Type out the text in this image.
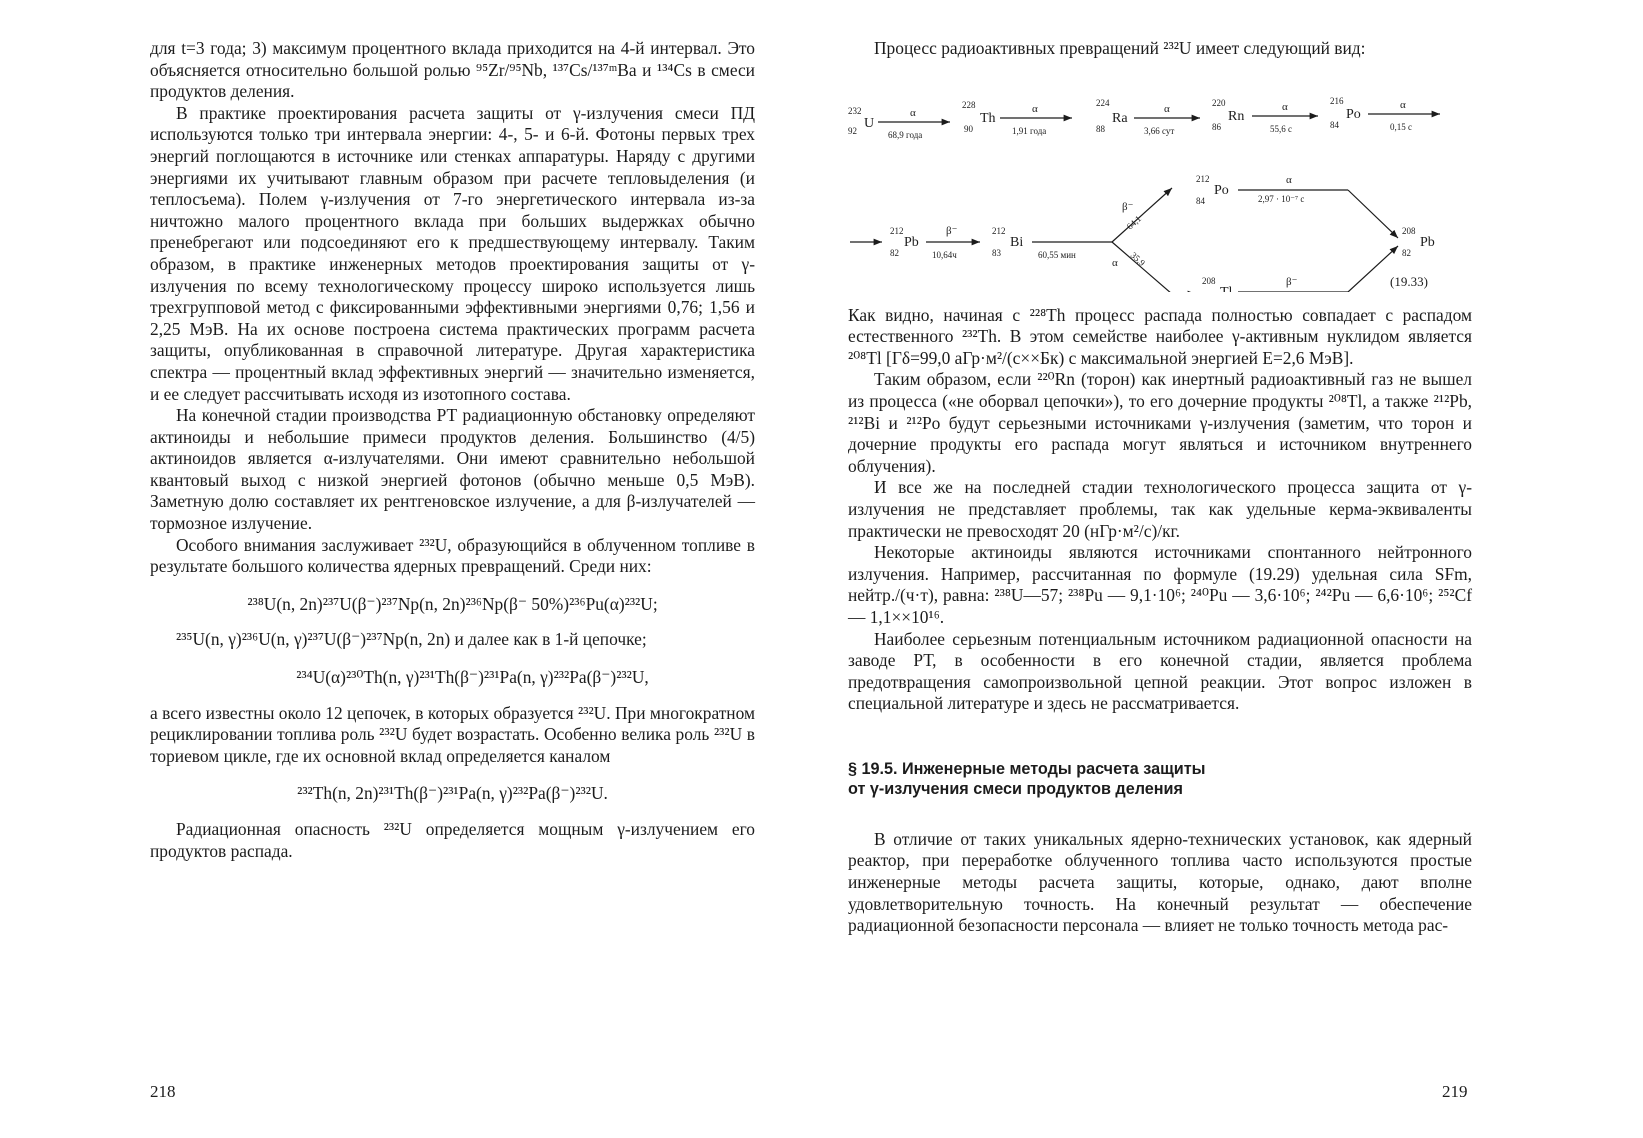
для t=3 года; 3) максимум процентного вклада приходится на 4-й интервал. Это объясняется относительно большой ролью ⁹⁵Zr/⁹⁵Nb, ¹³⁷Cs/¹³⁷ᵐBa и ¹³⁴Cs в смеси продуктов деления.

В практике проектирования расчета защиты от γ-излучения смеси ПД используются только три интервала энергии: 4-, 5- и 6-й. Фотоны первых трех энергий поглощаются в источнике или стенках аппаратуры. Наряду с другими энергиями их учитывают главным образом при расчете тепловыделения (и теплосъема). Полем γ-излучения от 7-го энергетического интервала из-за ничтожно малого процентного вклада при больших выдержках обычно пренебрегают или подсоединяют его к предшествующему интервалу. Таким образом, в практике инженерных методов проектирования защиты от γ-излучения по всему технологическому процессу широко используется лишь трехгрупповой метод с фиксированными эффективными энергиями 0,76; 1,56 и 2,25 МэВ. На их основе построена система практических программ расчета защиты, опубликованная в справочной литературе. Другая характеристика спектра — процентный вклад эффективных энергий — значительно изменяется, и ее следует рассчитывать исходя из изотопного состава.

На конечной стадии производства РТ радиационную обстановку определяют актиноиды и небольшие примеси продуктов деления. Большинство (4/5) актиноидов является α-излучателями. Они имеют сравнительно небольшой квантовый выход с низкой энергией фотонов (обычно меньше 0,5 МэВ). Заметную долю составляет их рентгеновское излучение, а для β-излучателей — тормозное излучение.

Особого внимания заслуживает ²³²U, образующийся в облученном топливе в результате большого количества ядерных превращений. Среди них:

²³⁸U(n, 2n)²³⁷U(β⁻)²³⁷Np(n, 2n)²³⁶Np(β⁻ 50%)²³⁶Pu(α)²³²U;

²³⁵U(n, γ)²³⁶U(n, γ)²³⁷U(β⁻)²³⁷Np(n, 2n) и далее как в 1-й цепочке;

²³⁴U(α)²³⁰Th(n, γ)²³¹Th(β⁻)²³¹Pa(n, γ)²³²Pa(β⁻)²³²U,

а всего известны около 12 цепочек, в которых образуется ²³²U. При многократном рециклировании топлива роль ²³²U будет возрастать. Особенно велика роль ²³²U в ториевом цикле, где их основной вклад определяется каналом

²³²Th(n, 2n)²³¹Th(β⁻)²³¹Pa(n, γ)²³²Pa(β⁻)²³²U.

Радиационная опасность ²³²U определяется мощным γ-излучением его продуктов распада.

218

Процесс радиоактивных превращений ²³²U имеет следующий вид:

232
92 U
α
68,9 года
228
90
Th
α
1,91 года
224
88
Ra
α
3,66 сут
220
86
Rn
α
55,6 с
216
84
Po
α
0,15 с
212
82
Pb
β⁻
10,64ч
212
83
Bi
60,55 мин
β⁻
64,1
α 35,9
212
84
Po
α
2,97 · 10⁻⁷ с
208	β⁻
208
82
Pb
(19.33)

Как видно, начиная с ²²⁸Th процесс распада полностью совпадает с распадом естественного ²³²Th. В этом семействе наиболее γ-активным нуклидом является ²⁰⁸Tl [Γδ=99,0 аГр·м²/(с××Бк) с максимальной энергией E=2,6 МэВ].

Таким образом, если ²²⁰Rn (торон) как инертный радиоактивный газ не вышел из процесса («не оборвал цепочки»), то его дочерние продукты ²⁰⁸Tl, а также ²¹²Pb, ²¹²Bi и ²¹²Po будут серьезными источниками γ-излучения (заметим, что торон и дочерние продукты его распада могут являться и источником внутреннего облучения).

И все же на последней стадии технологического процесса защита от γ-излучения не представляет проблемы, так как удельные керма-эквиваленты практически не превосходят 20 (нГр·м²/с)/кг.

Некоторые актиноиды являются источниками спонтанного нейтронного излучения. Например, рассчитанная по формуле (19.29) удельная сила SFm, нейтр./(ч·т), равна: ²³⁸U—57; ²³⁸Pu — 9,1·10⁶; ²⁴⁰Pu — 3,6·10⁶; ²⁴²Pu — 6,6·10⁶; ²⁵²Cf — 1,1××10¹⁶.

Наиболее серьезным потенциальным источником радиационной опасности на заводе РТ, в особенности в его конечной стадии, является проблема предотвращения самопроизвольной цепной реакции. Этот вопрос изложен в специальной литературе и здесь не рассматривается.

§ 19.5. Инженерные методы расчета защиты
от γ-излучения смеси продуктов деления

В отличие от таких уникальных ядерно-технических установок, как ядерный реактор, при переработке облученного топлива часто используются простые инженерные методы расчета защиты, которые, однако, дают вполне удовлетворительную точность. На конечный результат — обеспечение радиационной безопасности персонала — влияет не только точность метода рас-

219
